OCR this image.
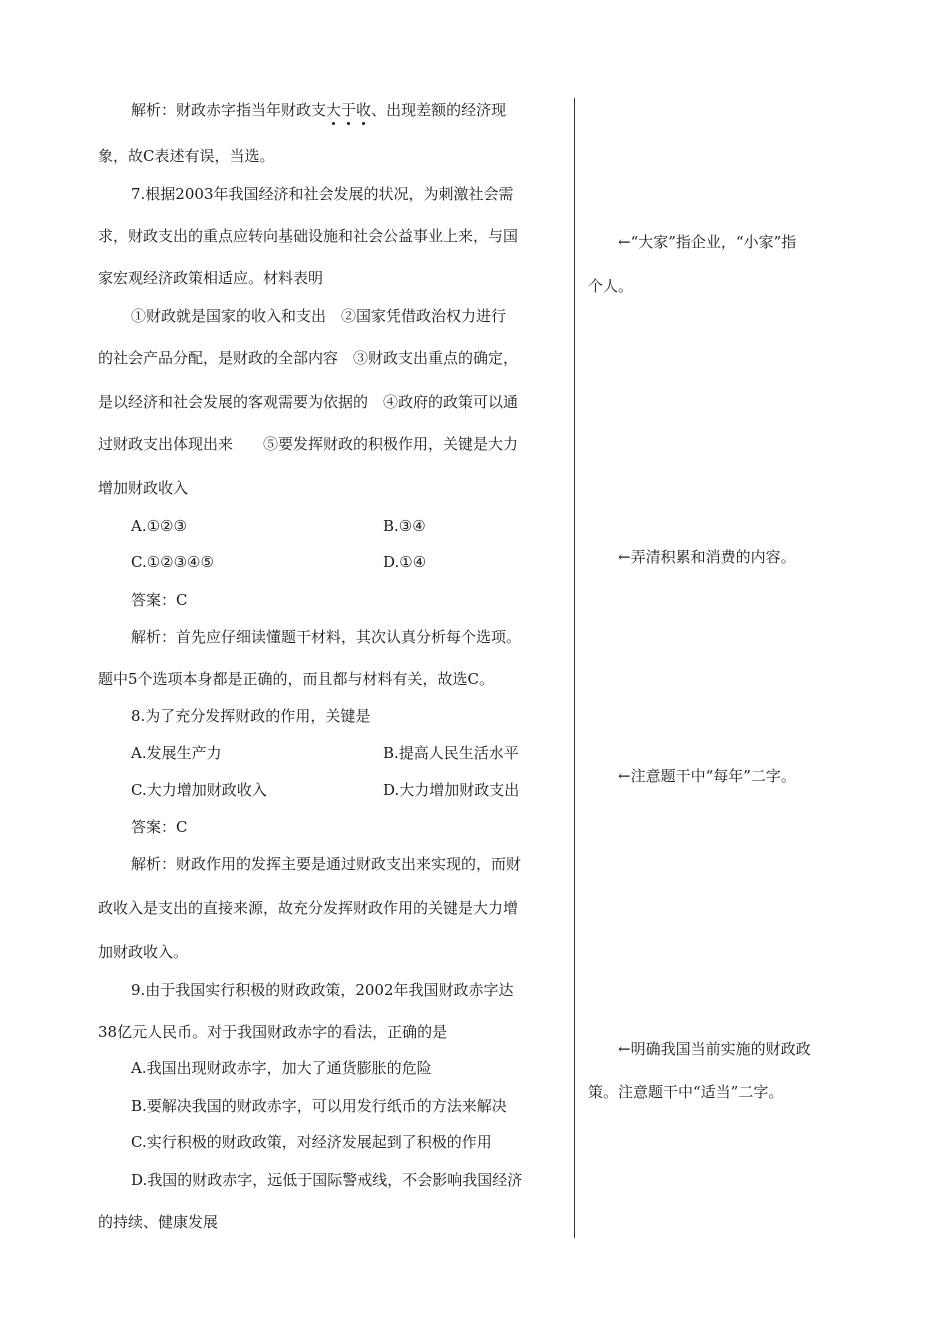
解析：财政赤字指当年财政支大于收、出现差额的经济现
象，故C表述有误，当选。
7.根据2003年我国经济和社会发展的状况，为刺激社会需
求，财政支出的重点应转向基础设施和社会公益事业上来，与国
家宏观经济政策相适应。材料表明
①财政就是国家的收入和支出　②国家凭借政治权力进行
的社会产品分配，是财政的全部内容　③财政支出重点的确定，
是以经济和社会发展的客观需要为依据的　④政府的政策可以通
过财政支出体现出来　　⑤要发挥财政的积极作用，关键是大力
增加财政收入
A.①②③	B.③④
C.①②③④⑤	D.①④
答案：C
解析：首先应仔细读懂题干材料，其次认真分析每个选项。
题中5个选项本身都是正确的，而且都与材料有关，故选C。
8.为了充分发挥财政的作用，关键是
A.发展生产力	B.提高人民生活水平
C.大力增加财政收入	D.大力增加财政支出
答案：C
解析：财政作用的发挥主要是通过财政支出来实现的，而财
政收入是支出的直接来源，故充分发挥财政作用的关键是大力增
加财政收入。
9.由于我国实行积极的财政政策，2002年我国财政赤字达
38亿元人民币。对于我国财政赤字的看法，正确的是
A.我国出现财政赤字，加大了通货膨胀的危险
B.要解决我国的财政赤字，可以用发行纸币的方法来解决
C.实行积极的财政政策，对经济发展起到了积极的作用
D.我国的财政赤字，远低于国际警戒线，不会影响我国经济
的持续、健康发展
←“大家”指企业，“小家”指
个人。
←弄清积累和消费的内容。
←注意题干中“每年”二字。
←明确我国当前实施的财政政
策。注意题干中“适当”二字。
